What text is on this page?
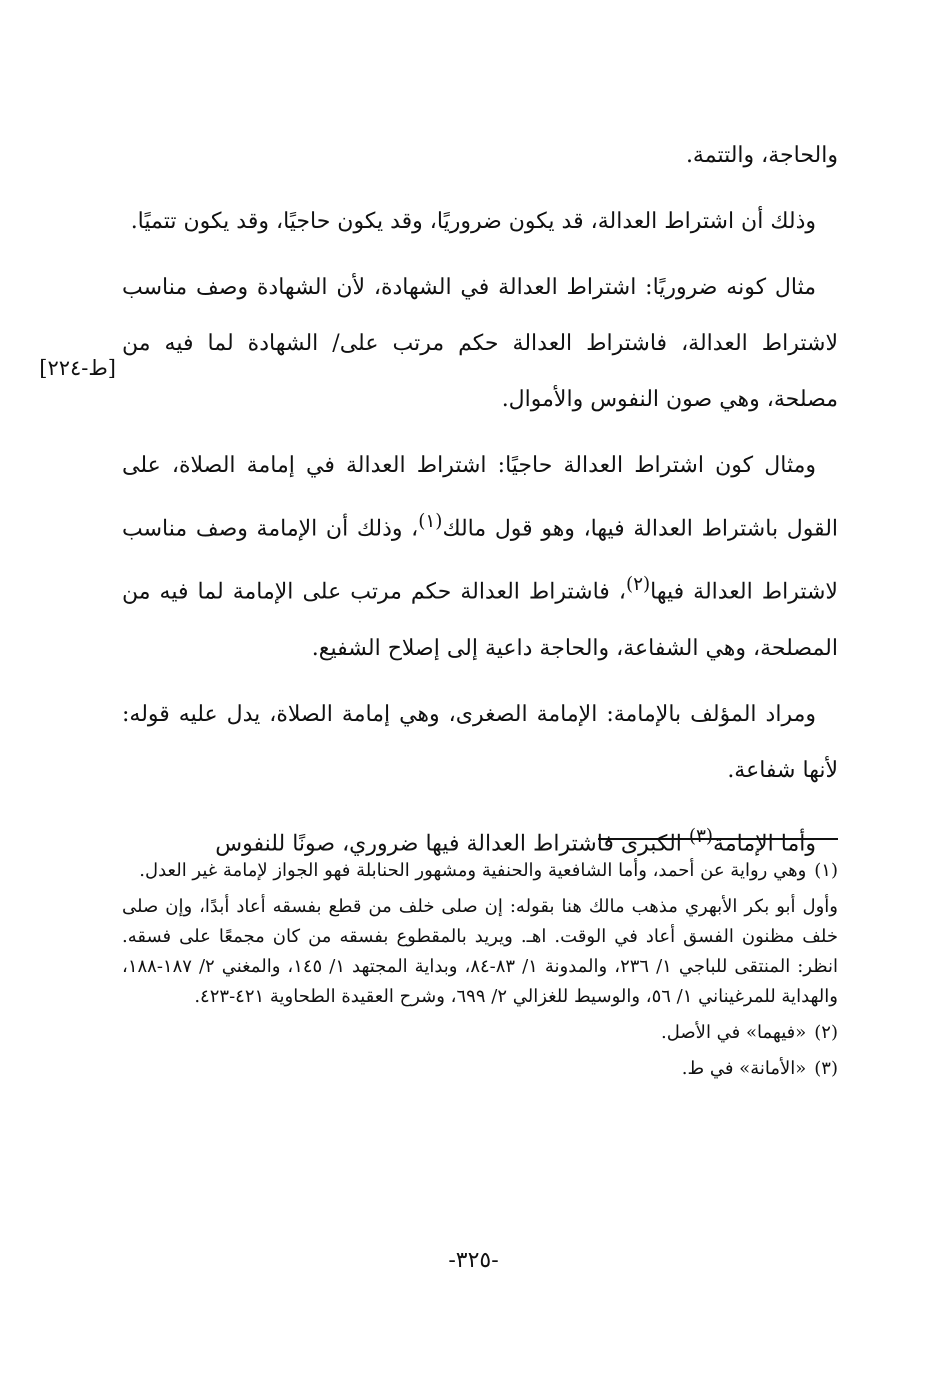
والحاجة، والتتمة.

وذلك أن اشتراط العدالة، قد يكون ضروريًا، وقد يكون حاجيًا، وقد يكون تتميًا.

مثال كونه ضروريًا: اشتراط العدالة في الشهادة، لأن الشهادة وصف مناسب لاشتراط العدالة، فاشتراط العدالة حكم مرتب على/ الشهادة لما فيه من مصلحة، وهي صون النفوس والأموال.

ومثال كون اشتراط العدالة حاجيًا: اشتراط العدالة في إمامة الصلاة، على القول باشتراط العدالة فيها، وهو قول مالك$^{(١)}$، وذلك أن الإمامة وصف مناسب لاشتراط العدالة فيها$^{(٢)}$، فاشتراط العدالة حكم مرتب على الإمامة لما فيه من المصلحة، وهي الشفاعة، والحاجة داعية إلى إصلاح الشفيع.

ومراد المؤلف بالإمامة: الإمامة الصغرى، وهي إمامة الصلاة، يدل عليه قوله: لأنها شفاعة.

وأما الإمامة$^{(٣)}$ الكبرى فاشتراط العدالة فيها ضروري، صونًا للنفوس

[ط-٢٢٤]

(١)وهي رواية عن أحمد، وأما الشافعية والحنفية ومشهور الحنابلة فهو الجواز لإمامة غير العدل.

وأول أبو بكر الأبهري مذهب مالك هنا بقوله: إن صلى خلف من قطع بفسقه أعاد أبدًا، وإن صلى خلف مظنون الفسق أعاد في الوقت. اهـ. ويريد بالمقطوع بفسقه من كان مجمعًا على فسقه. انظر: المنتقى للباجي ١/ ٢٣٦، والمدونة ١/ ٨٣-٨٤، وبداية المجتهد ١/ ١٤٥، والمغني ٢/ ١٨٧-١٨٨، والهداية للمرغيناني ١/ ٥٦، والوسيط للغزالي ٢/ ٦٩٩، وشرح العقيدة الطحاوية ٤٢١-٤٢٣.

(٢)«فيهما» في الأصل.

(٣)«الأمانة» في ط.

-٣٢٥-
